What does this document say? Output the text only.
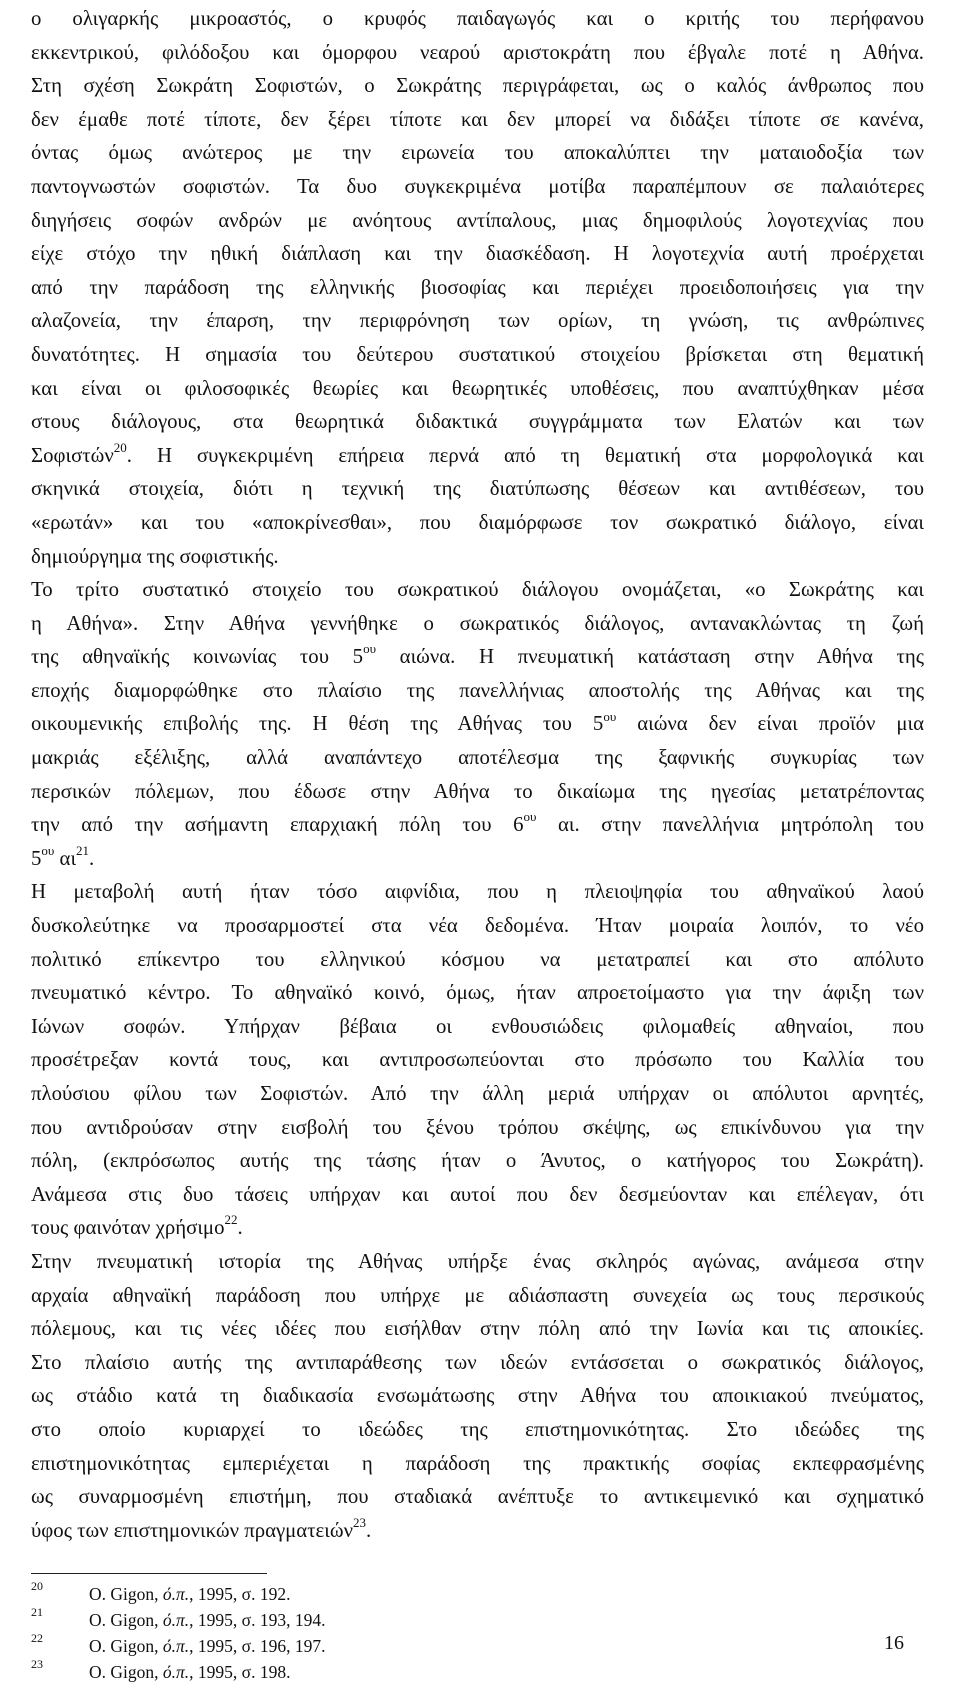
ο ολιγαρκής μικροαστός, ο κρυφός παιδαγωγός και ο κριτής του περήφανου
εκκεντρικού, φιλόδοξου και όμορφου νεαρού αριστοκράτη που έβγαλε ποτέ η Αθήνα.
Στη σχέση Σωκράτη Σοφιστών, ο Σωκράτης περιγράφεται, ως ο καλός άνθρωπος που
δεν έμαθε ποτέ τίποτε, δεν ξέρει τίποτε και δεν μπορεί να διδάξει τίποτε σε κανένα,
όντας όμως ανώτερος με την ειρωνεία του αποκαλύπτει την ματαιοδοξία των
παντογνωστών σοφιστών. Τα δυο συγκεκριμένα μοτίβα παραπέμπουν σε παλαιότερες
διηγήσεις σοφών ανδρών με ανόητους αντίπαλους, μιας δημοφιλούς λογοτεχνίας που
είχε στόχο την ηθική διάπλαση και την διασκέδαση. Η λογοτεχνία αυτή προέρχεται
από την παράδοση της ελληνικής βιοσοφίας και περιέχει προειδοποιήσεις για την
αλαζονεία, την έπαρση, την περιφρόνηση των ορίων, τη γνώση, τις ανθρώπινες
δυνατότητες. Η σημασία του δεύτερου συστατικού στοιχείου βρίσκεται στη θεματική
και είναι οι φιλοσοφικές θεωρίες και θεωρητικές υποθέσεις, που αναπτύχθηκαν μέσα
στους διάλογους, στα θεωρητικά διδακτικά συγγράμματα των Ελατών και των
Σοφιστών$^{20}$. Η συγκεκριμένη επήρεια περνά από τη θεματική στα μορφολογικά και
σκηνικά στοιχεία, διότι η τεχνική της διατύπωσης θέσεων και αντιθέσεων, του
«ερωτάν» και του «αποκρίνεσθαι», που διαμόρφωσε τον σωκρατικό διάλογο, είναι
δημιούργημα της σοφιστικής.

Το τρίτο συστατικό στοιχείο του σωκρατικού διάλογου ονομάζεται, «ο Σωκράτης και
η Αθήνα». Στην Αθήνα γεννήθηκε ο σωκρατικός διάλογος, αντανακλώντας τη ζωή
της αθηναϊκής κοινωνίας του $5^{o\upsilon}$ αιώνα. Η πνευματική κατάσταση στην Αθήνα της
εποχής διαμορφώθηκε στο πλαίσιο της πανελλήνιας αποστολής της Αθήνας και της
οικουμενικής επιβολής της. Η θέση της Αθήνας του $5^{o\upsilon}$ αιώνα δεν είναι προϊόν μια
μακριάς εξέλιξης, αλλά αναπάντεχο αποτέλεσμα της ξαφνικής συγκυρίας των
περσικών πόλεμων, που έδωσε στην Αθήνα το δικαίωμα της ηγεσίας μετατρέποντας
την από την ασήμαντη επαρχιακή πόλη του $6^{o\upsilon}$ αι. στην πανελλήνια μητρόπολη του
$5^{o\upsilon}$ $\alpha\iota^{21}$.

Η μεταβολή αυτή ήταν τόσο αιφνίδια, που η πλειοψηφία του αθηναϊκού λαού
δυσκολεύτηκε να προσαρμοστεί στα νέα δεδομένα. Ήταν μοιραία λοιπόν, το νέο
πολιτικό επίκεντρο του ελληνικού κόσμου να μετατραπεί και στο απόλυτο
πνευματικό κέντρο. Το αθηναϊκό κοινό, όμως, ήταν απροετοίμαστο για την άφιξη των
Ιώνων σοφών. Υπήρχαν βέβαια οι ενθουσιώδεις φιλομαθείς αθηναίοι, που
προσέτρεξαν κοντά τους, και αντιπροσωπεύονται στο πρόσωπο του Καλλία του
πλούσιου φίλου των Σοφιστών. Από την άλλη μεριά υπήρχαν οι απόλυτοι αρνητές,
που αντιδρούσαν στην εισβολή του ξένου τρόπου σκέψης, ως επικίνδυνου για την
πόλη, (εκπρόσωπος αυτής της τάσης ήταν ο Άνυτος, ο κατήγορος του Σωκράτη).
Ανάμεσα στις δυο τάσεις υπήρχαν και αυτοί που δεν δεσμεύονταν και επέλεγαν, ότι
τους φαινόταν χρήσιμο$^{22}$.

Στην πνευματική ιστορία της Αθήνας υπήρξε ένας σκληρός αγώνας, ανάμεσα στην
αρχαία αθηναϊκή παράδοση που υπήρχε με αδιάσπαστη συνεχεία ως τους περσικούς
πόλεμους, και τις νέες ιδέες που εισήλθαν στην πόλη από την Ιωνία και τις αποικίες.
Στο πλαίσιο αυτής της αντιπαράθεσης των ιδεών εντάσσεται ο σωκρατικός διάλογος,
ως στάδιο κατά τη διαδικασία ενσωμάτωσης στην Αθήνα του αποικιακού πνεύματος,
στο οποίο κυριαρχεί το ιδεώδες της επιστημονικότητας. Στο ιδεώδες της
επιστημονικότητας εμπεριέχεται η παράδοση της πρακτικής σοφίας εκπεφρασμένης
ως συναρμοσμένη επιστήμη, που σταδιακά ανέπτυξε το αντικειμενικό και σχηματικό
ύφος των επιστημονικών πραγματειών$^{23}$.

20	O. Gigon, ό.π., 1995, σ. 192.
21	O. Gigon, ό.π., 1995, σ. 193, 194.
22	O. Gigon, ό.π., 1995, σ. 196, 197.
23	O. Gigon, ό.π., 1995, σ. 198.
16
